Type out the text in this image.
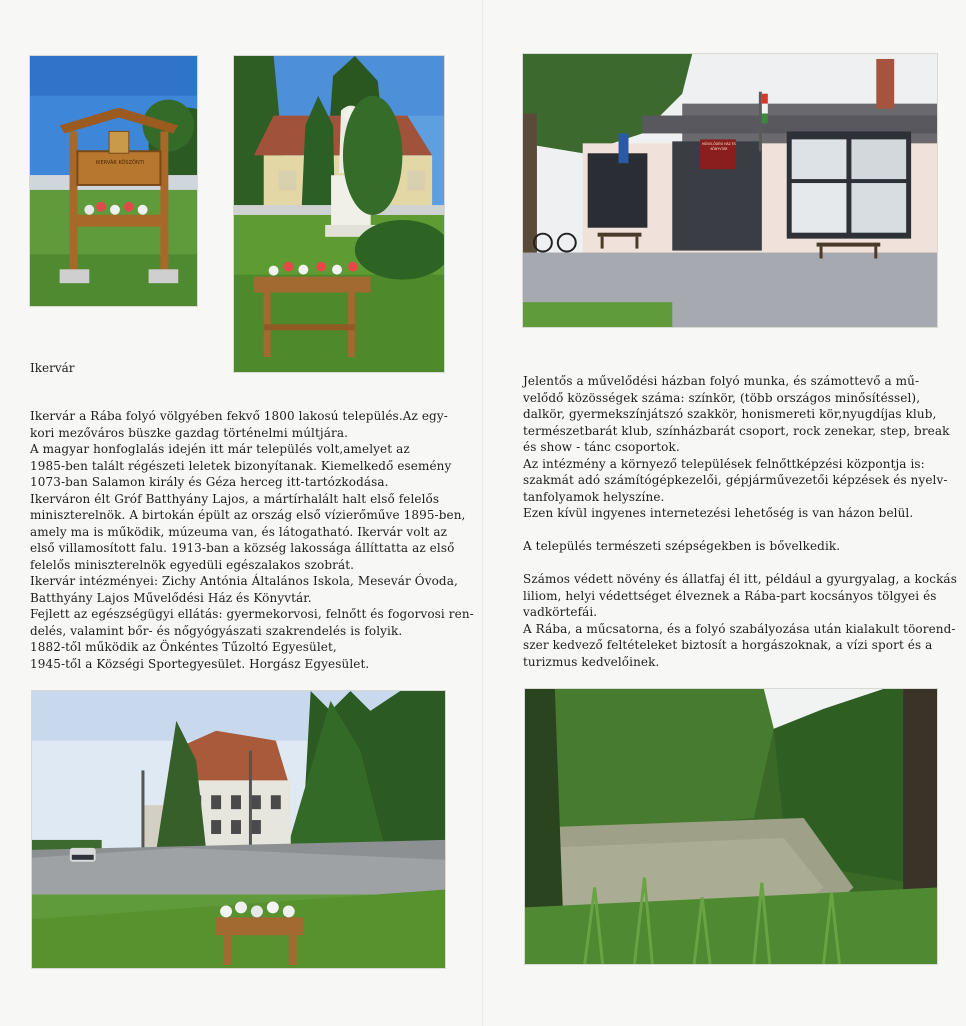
IKERVÁR KÖSZÖNTI
MŰVELŐDÉSI HÁZ ÉS KÖNYVTÁR
Ikervár

Ikervár a Rába folyó völgyében fekvő 1800 lakosú település.Az egy-

kori mezőváros büszke gazdag történelmi múltjára.

A magyar honfoglalás idején itt már település volt,amelyet az

1985-ben talált régészeti leletek bizonyítanak. Kiemelkedő esemény

1073-ban Salamon király és Géza herceg itt-tartózkodása.

Ikerváron élt Gróf Batthyány Lajos, a mártírhalált halt első felelős

miniszterelnök. A birtokán épült az ország első vízierőműve 1895-ben,

amely ma is működik, múzeuma van, és látogatható. Ikervár volt az

első villamosított falu. 1913-ban a község lakossága állíttatta az első

felelős miniszterelnök egyedüli egészalakos szobrát.

Ikervár intézményei: Zichy Antónia Általános Iskola, Mesevár Óvoda,

Batthyány Lajos Művelődési Ház és Könyvtár.

Fejlett az egészségügyi ellátás: gyermekorvosi, felnőtt és fogorvosi ren-

delés, valamint bőr- és nőgyógyászati szakrendelés is folyik.

1882-től működik az Önkéntes Tűzoltó Egyesület,

1945-től a Községi Sportegyesület. Horgász Egyesület.

Jelentős a művelődési házban folyó munka, és számottevő a mű-

velődő közösségek száma: színkör, (több országos minősítéssel),

dalkör, gyermekszínjátszó szakkör, honismereti kör,nyugdíjas klub,

természetbarát klub, színházbarát csoport, rock zenekar, step, break

és show - tánc csoportok.

Az intézmény a környező települések felnőttképzési központja is:

szakmát adó számítógépkezelői, gépjárművezetői képzések és nyelv-

tanfolyamok helyszíne.

Ezen kívül ingyenes internetezési lehetőség is van házon belül.

A település természeti szépségekben is bővelkedik.

Számos védett növény és állatfaj él itt, például a gyurgyalag, a kockás

liliom, helyi védettséget élveznek a Rába-part kocsányos tölgyei és

vadkörtefái.

A Rába, a műcsatorna, és a folyó szabályozása után kialakult töorend-

szer kedvező feltételeket biztosít a horgászoknak, a vízi sport és a

turizmus kedvelőinek.
